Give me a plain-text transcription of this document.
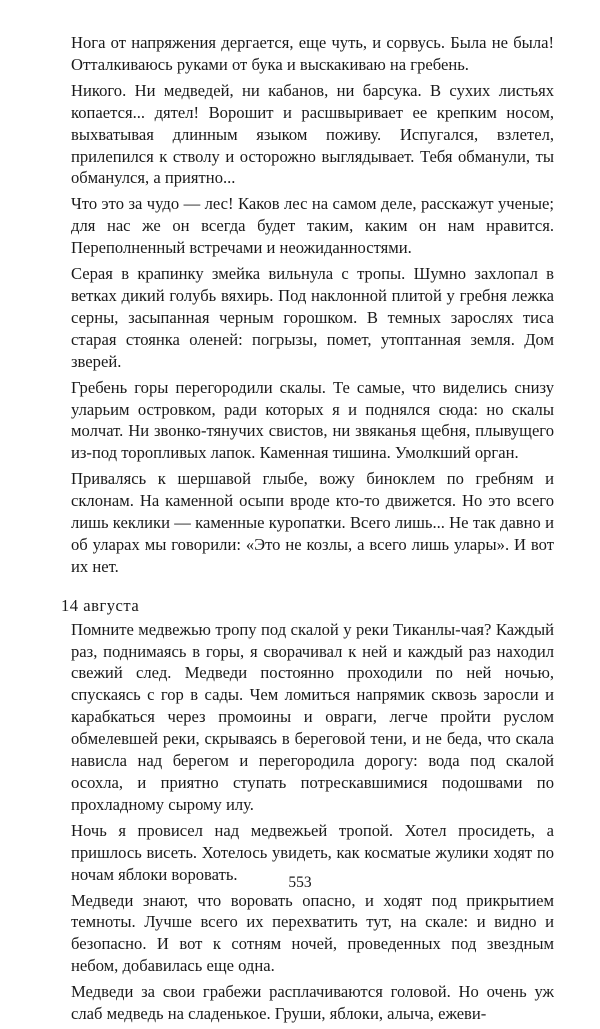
Нога от напряжения дергается, еще чуть, и сорвусь. Была не была! Отталкиваюсь руками от бука и выскакиваю на гребень.

Никого. Ни медведей, ни кабанов, ни барсука. В сухих листьях копается... дятел! Ворошит и расшвыривает ее крепким носом, выхватывая длинным языком поживу. Испугался, взлетел, прилепился к стволу и осторожно выглядывает. Тебя обманули, ты обманулся, а приятно...

Что это за чудо — лес! Каков лес на самом деле, расскажут ученые; для нас же он всегда будет таким, каким он нам нравится. Переполненный встречами и неожиданностями.

Серая в крапинку змейка вильнула с тропы. Шумно захлопал в ветках дикий голубь вяхирь. Под наклонной плитой у гребня лежка серны, засыпанная черным горошком. В темных зарослях тиса старая стоянка оленей: погрызы, помет, утоптанная земля. Дом зверей.

Гребень горы перегородили скалы. Те самые, что виделись снизу уларьим островком, ради которых я и поднялся сюда: но скалы молчат. Ни звонко-тянучих свистов, ни звяканья щебня, плывущего из-под торопливых лапок. Каменная тишина. Умолкший орган.

Привалясь к шершавой глыбе, вожу биноклем по гребням и склонам. На каменной осыпи вроде кто-то движется. Но это всего лишь кеклики — каменные куропатки. Всего лишь... Не так давно и об уларах мы говорили: «Это не козлы, а всего лишь улары». И вот их нет.

14 августа

Помните медвежью тропу под скалой у реки Тиканлы-чая? Каждый раз, поднимаясь в горы, я сворачивал к ней и каждый раз находил свежий след. Медведи постоянно проходили по ней ночью, спускаясь с гор в сады. Чем ломиться напрямик сквозь заросли и карабкаться через промоины и овраги, легче пройти руслом обмелевшей реки, скрываясь в береговой тени, и не беда, что скала нависла над берегом и перегородила дорогу: вода под скалой осохла, и приятно ступать потрескавшимися подошвами по прохладному сырому илу.

Ночь я провисел над медвежьей тропой. Хотел просидеть, а пришлось висеть. Хотелось увидеть, как косматые жулики ходят по ночам яблоки воровать.

Медведи знают, что воровать опасно, и ходят под прикрытием темноты. Лучше всего их перехватить тут, на скале: и видно и безопасно. И вот к сотням ночей, проведенных под звездным небом, добавилась еще одна.

Медведи за свои грабежи расплачиваются головой. Но очень уж слаб медведь на сладенькое. Груши, яблоки, алыча, ежеви-

553
